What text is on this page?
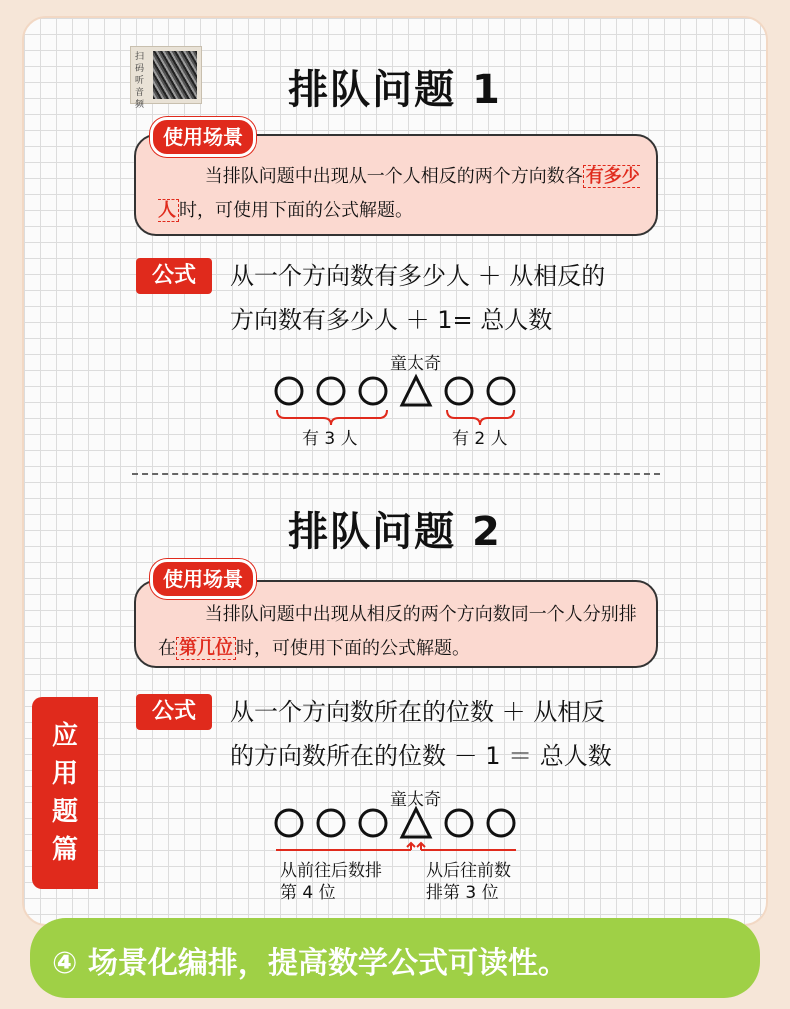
扫码听音频	排队问题 1
当排队问题中出现从一个人相反的两个方向数各 有多少人 时，可使用下面的公式解题。
使用场景
公式	从一个方向数有多少人 ＋ 从相反的
方向数有多少人 ＋ 1= 总人数
童太奇
有 3 人	有 2 人
排队问题 2
当排队问题中出现从相反的两个方向数同一个人分别排在 第几位 时，可使用下面的公式解题。
使用场景
公式	从一个方向数所在的位数 ＋ 从相反
的方向数所在的位数 － 1 ＝ 总人数
童太奇
从前往后数排
第 4 位
从后往前数
排第 3 位
应
用
题
篇
④ 场景化编排，提高数学公式可读性。
